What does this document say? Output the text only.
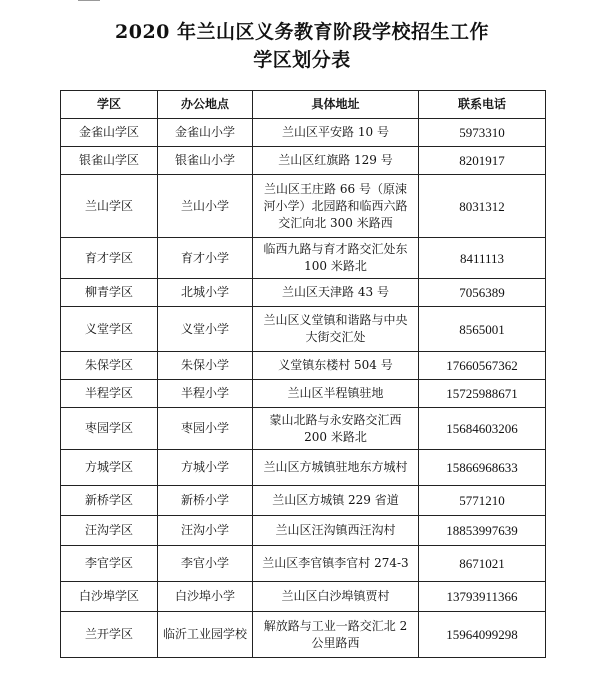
2020 年兰山区义务教育阶段学校招生工作
学区划分表
学区	办公地点	具体地址	联系电话
金雀山学区	金雀山小学	兰山区平安路 10 号	5973310
银雀山学区	银雀山小学	兰山区红旗路 129 号	8201917
兰山学区	兰山小学	兰山区王庄路 66 号（原涑河小学）北园路和临西六路交汇向北 300 米路西	8031312
育才学区	育才小学	临西九路与育才路交汇处东 100 米路北	8411113
柳青学区	北城小学	兰山区天津路 43 号	7056389
义堂学区	义堂小学	兰山区义堂镇和谐路与中央大街交汇处	8565001
朱保学区	朱保小学	义堂镇东楼村 504 号	17660567362
半程学区	半程小学	兰山区半程镇驻地	15725988671
枣园学区	枣园小学	蒙山北路与永安路交汇西 200 米路北	15684603206
方城学区	方城小学	兰山区方城镇驻地东方城村	15866968633
新桥学区	新桥小学	兰山区方城镇 229 省道	5771210
汪沟学区	汪沟小学	兰山区汪沟镇西汪沟村	18853997639
李官学区	李官小学	兰山区李官镇李官村 274-3	8671021
白沙埠学区	白沙埠小学	兰山区白沙埠镇贾村	13793911366
兰开学区	临沂工业园学校	解放路与工业一路交汇北 2 公里路西	15964099298
